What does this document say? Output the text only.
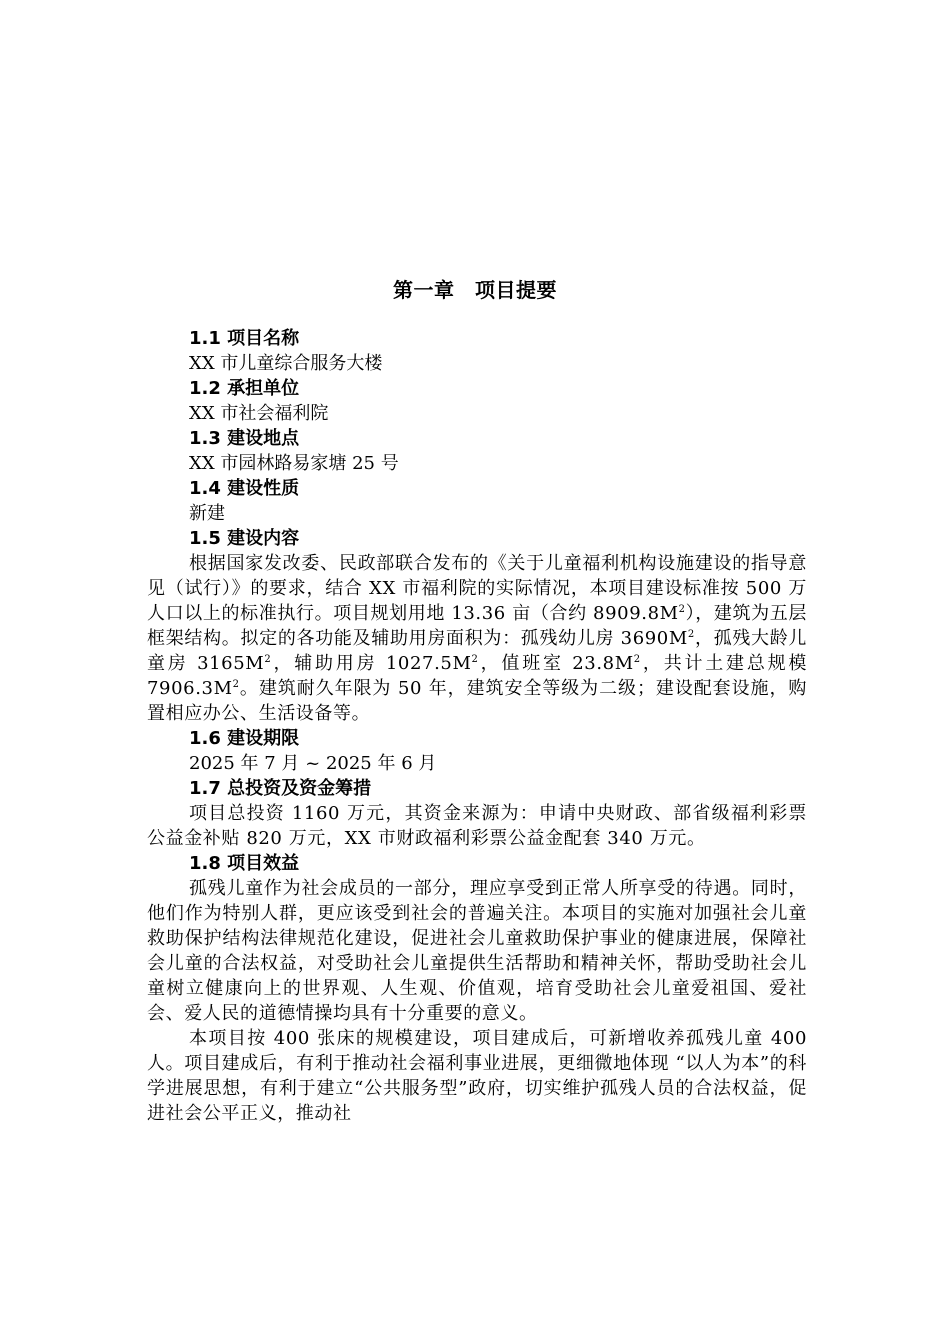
第一章　项目提要

1.1 项目名称

XX 市儿童综合服务大楼

1.2 承担单位

XX 市社会福利院

1.3 建设地点

XX 市园林路易家塘 25 号

1.4 建设性质

新建

1.5 建设内容

根据国家发改委、民政部联合发布的《关于儿童福利机构设施建设的指导意见（试行）》的要求，结合 XX 市福利院的实际情况，本项目建设标准按 500 万人口以上的标准执行。项目规划用地 13.36 亩（合约 $8909.8M^2$），建筑为五层框架结构。拟定的各功能及辅助用房面积为：孤残幼儿房 $3690M^2$，孤残大龄儿童房 $3165M^2$，辅助用房 $1027.5M^2$，值班室 $23.8M^2$，共计土建总规模 $7906.3M^2$。建筑耐久年限为 50 年，建筑安全等级为二级；建设配套设施，购置相应办公、生活设备等。

1.6 建设期限

2025 年 7 月 ~ 2025 年 6 月

1.7 总投资及资金筹措

项目总投资 1160 万元，其资金来源为：申请中央财政、部省级福利彩票公益金补贴 820 万元，XX 市财政福利彩票公益金配套 340 万元。

1.8 项目效益

孤残儿童作为社会成员的一部分，理应享受到正常人所享受的待遇。同时，他们作为特别人群，更应该受到社会的普遍关注。本项目的实施对加强社会儿童救助保护结构法律规范化建设，促进社会儿童救助保护事业的健康进展，保障社会儿童的合法权益，对受助社会儿童提供生活帮助和精神关怀，帮助受助社会儿童树立健康向上的世界观、人生观、价值观，培育受助社会儿童爱祖国、爱社会、爱人民的道德情操均具有十分重要的意义。

本项目按 400 张床的规模建设，项目建成后，可新增收养孤残儿童 400 人。项目建成后，有利于推动社会福利事业进展，更细微地体现 “以人为本”的科学进展思想，有利于建立“公共服务型”政府，切实维护孤残人员的合法权益，促进社会公平正义，推动社
